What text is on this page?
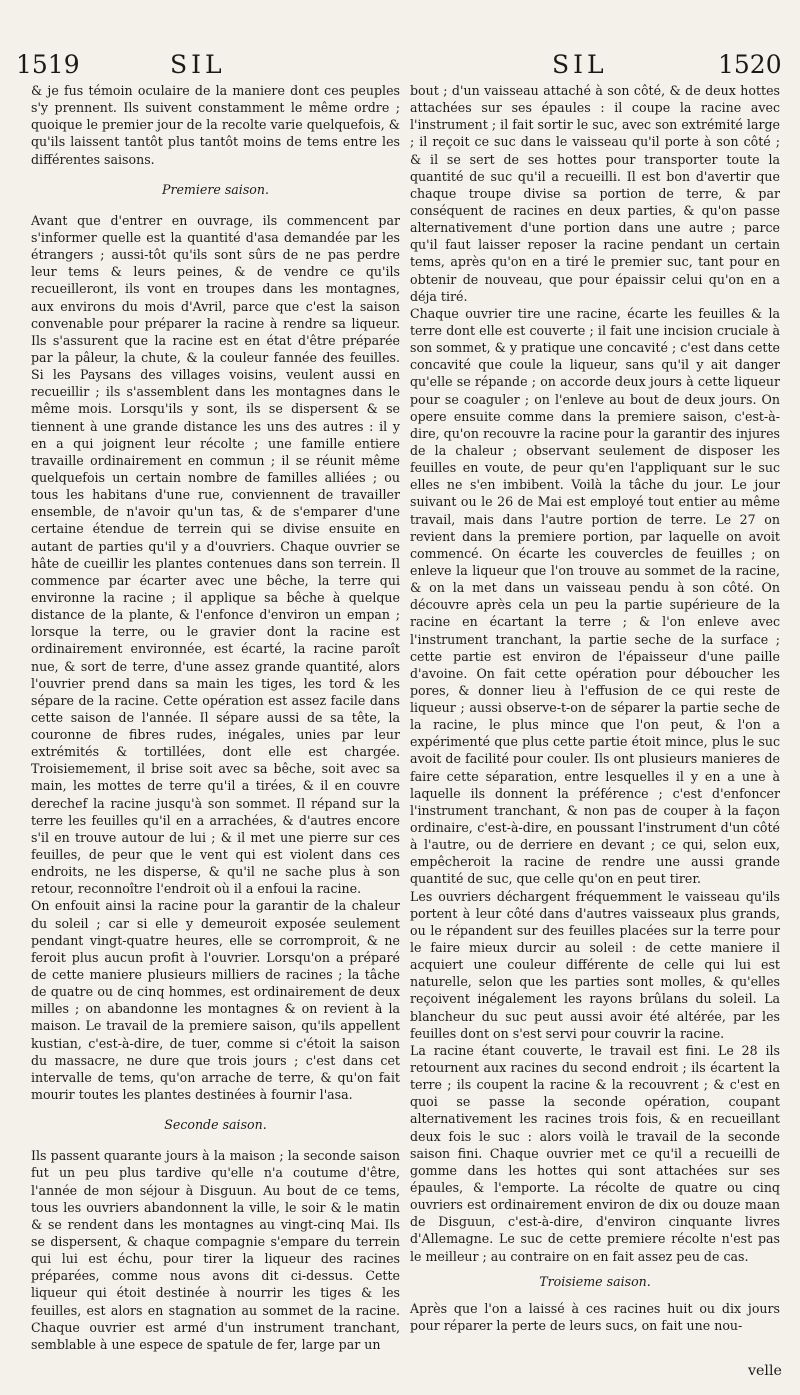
1519	SIL	SIL	1520

& je fus témoin oculaire de la maniere dont ces peuples s'y prennent. Ils suivent constamment le même ordre ; quoique le premier jour de la recolte varie quelquefois, & qu'ils laissent tantôt plus tantôt moins de tems entre les différentes saisons.

Premiere saison.

Avant que d'entrer en ouvrage, ils commencent par s'informer quelle est la quantité d'asa demandée par les étrangers ; aussi-tôt qu'ils sont sûrs de ne pas perdre leur tems & leurs peines, & de vendre ce qu'ils recueilleront, ils vont en troupes dans les montagnes, aux environs du mois d'Avril, parce que c'est la saison convenable pour préparer la racine à rendre sa liqueur. Ils s'assurent que la racine est en état d'être préparée par la pâleur, la chute, & la couleur fannée des feuilles. Si les Paysans des villages voisins, veulent aussi en recueillir ; ils s'assemblent dans les montagnes dans le même mois. Lorsqu'ils y sont, ils se dispersent & se tiennent à une grande distance les uns des autres : il y en a qui joignent leur récolte ; une famille entiere travaille ordinairement en commun ; il se réunit même quelquefois un certain nombre de familles alliées ; ou tous les habitans d'une rue, conviennent de travailler ensemble, de n'avoir qu'un tas, & de s'emparer d'une certaine étendue de terrein qui se divise ensuite en autant de parties qu'il y a d'ouvriers. Chaque ouvrier se hâte de cueillir les plantes contenues dans son terrein. Il commence par écarter avec une bêche, la terre qui environne la racine ; il applique sa bêche à quelque distance de la plante, & l'enfonce d'environ un empan ; lorsque la terre, ou le gravier dont la racine est ordinairement environnée, est écarté, la racine paroît nue, & sort de terre, d'une assez grande quantité, alors l'ouvrier prend dans sa main les tiges, les tord & les sépare de la racine. Cette opération est assez facile dans cette saison de l'année. Il sépare aussi de sa tête, la couronne de fibres rudes, inégales, unies par leur extrémités & tortillées, dont elle est chargée. Troisiemement, il brise soit avec sa bêche, soit avec sa main, les mottes de terre qu'il a tirées, & il en couvre derechef la racine jusqu'à son sommet. Il répand sur la terre les feuilles qu'il en a arrachées, & d'autres encore s'il en trouve autour de lui ; & il met une pierre sur ces feuilles, de peur que le vent qui est violent dans ces endroits, ne les disperse, & qu'il ne sache plus à son retour, reconnoître l'endroit où il a enfoui la racine.

On enfouit ainsi la racine pour la garantir de la chaleur du soleil ; car si elle y demeuroit exposée seulement pendant vingt-quatre heures, elle se corromproit, & ne feroit plus aucun profit à l'ouvrier. Lorsqu'on a préparé de cette maniere plusieurs milliers de racines ; la tâche de quatre ou de cinq hommes, est ordinairement de deux milles ; on abandonne les montagnes & on revient à la maison. Le travail de la premiere saison, qu'ils appellent kustian, c'est-à-dire, de tuer, comme si c'étoit la saison du massacre, ne dure que trois jours ; c'est dans cet intervalle de tems, qu'on arrache de terre, & qu'on fait mourir toutes les plantes destinées à fournir l'asa.

Seconde saison.

Ils passent quarante jours à la maison ; la seconde saison fut un peu plus tardive qu'elle n'a coutume d'être, l'année de mon séjour à Disguun. Au bout de ce tems, tous les ouvriers abandonnent la ville, le soir & le matin & se rendent dans les montagnes au vingt-cinq Mai. Ils se dispersent, & chaque compagnie s'empare du terrein qui lui est échu, pour tirer la liqueur des racines préparées, comme nous avons dit ci-dessus. Cette liqueur qui étoit destinée à nourrir les tiges & les feuilles, est alors en stagnation au sommet de la racine. Chaque ouvrier est armé d'un instrument tranchant, semblable à une espece de spatule de fer, large par un

bout ; d'un vaisseau attaché à son côté, & de deux hottes attachées sur ses épaules : il coupe la racine avec l'instrument ; il fait sortir le suc, avec son extrémité large ; il reçoit ce suc dans le vaisseau qu'il porte à son côté ; & il se sert de ses hottes pour transporter toute la quantité de suc qu'il a recueilli. Il est bon d'avertir que chaque troupe divise sa portion de terre, & par conséquent de racines en deux parties, & qu'on passe alternativement d'une portion dans une autre ; parce qu'il faut laisser reposer la racine pendant un certain tems, après qu'on en a tiré le premier suc, tant pour en obtenir de nouveau, que pour épaissir celui qu'on en a déja tiré.

Chaque ouvrier tire une racine, écarte les feuilles & la terre dont elle est couverte ; il fait une incision cruciale à son sommet, & y pratique une concavité ; c'est dans cette concavité que coule la liqueur, sans qu'il y ait danger qu'elle se répande ; on accorde deux jours à cette liqueur pour se coaguler ; on l'enleve au bout de deux jours. On opere ensuite comme dans la premiere saison, c'est-à-dire, qu'on recouvre la racine pour la garantir des injures de la chaleur ; observant seulement de disposer les feuilles en voute, de peur qu'en l'appliquant sur le suc elles ne s'en imbibent. Voilà la tâche du jour. Le jour suivant ou le 26 de Mai est employé tout entier au même travail, mais dans l'autre portion de terre. Le 27 on revient dans la premiere portion, par laquelle on avoit commencé. On écarte les couvercles de feuilles ; on enleve la liqueur que l'on trouve au sommet de la racine, & on la met dans un vaisseau pendu à son côté. On découvre après cela un peu la partie supérieure de la racine en écartant la terre ; & l'on enleve avec l'instrument tranchant, la partie seche de la surface ; cette partie est environ de l'épaisseur d'une paille d'avoine. On fait cette opération pour déboucher les pores, & donner lieu à l'effusion de ce qui reste de liqueur ; aussi observe-t-on de séparer la partie seche de la racine, le plus mince que l'on peut, & l'on a expérimenté que plus cette partie étoit mince, plus le suc avoit de facilité pour couler. Ils ont plusieurs manieres de faire cette séparation, entre lesquelles il y en a une à laquelle ils donnent la préférence ; c'est d'enfoncer l'instrument tranchant, & non pas de couper à la façon ordinaire, c'est-à-dire, en poussant l'instrument d'un côté à l'autre, ou de derriere en devant ; ce qui, selon eux, empêcheroit la racine de rendre une aussi grande quantité de suc, que celle qu'on en peut tirer.

Les ouvriers déchargent fréquemment le vaisseau qu'ils portent à leur côté dans d'autres vaisseaux plus grands, ou le répandent sur des feuilles placées sur la terre pour le faire mieux durcir au soleil : de cette maniere il acquiert une couleur différente de celle qui lui est naturelle, selon que les parties sont molles, & qu'elles reçoivent inégalement les rayons brûlans du soleil. La blancheur du suc peut aussi avoir été altérée, par les feuilles dont on s'est servi pour couvrir la racine.

La racine étant couverte, le travail est fini. Le 28 ils retournent aux racines du second endroit ; ils écartent la terre ; ils coupent la racine & la recouvrent ; & c'est en quoi se passe la seconde opération, coupant alternativement les racines trois fois, & en recueillant deux fois le suc : alors voilà le travail de la seconde saison fini. Chaque ouvrier met ce qu'il a recueilli de gomme dans les hottes qui sont attachées sur ses épaules, & l'emporte. La récolte de quatre ou cinq ouvriers est ordinairement environ de dix ou douze maan de Disguun, c'est-à-dire, d'environ cinquante livres d'Allemagne. Le suc de cette premiere récolte n'est pas le meilleur ; au contraire on en fait assez peu de cas.

Troisieme saison.

Après que l'on a laissé à ces racines huit ou dix jours pour réparer la perte de leurs sucs, on fait une nou-

velle
